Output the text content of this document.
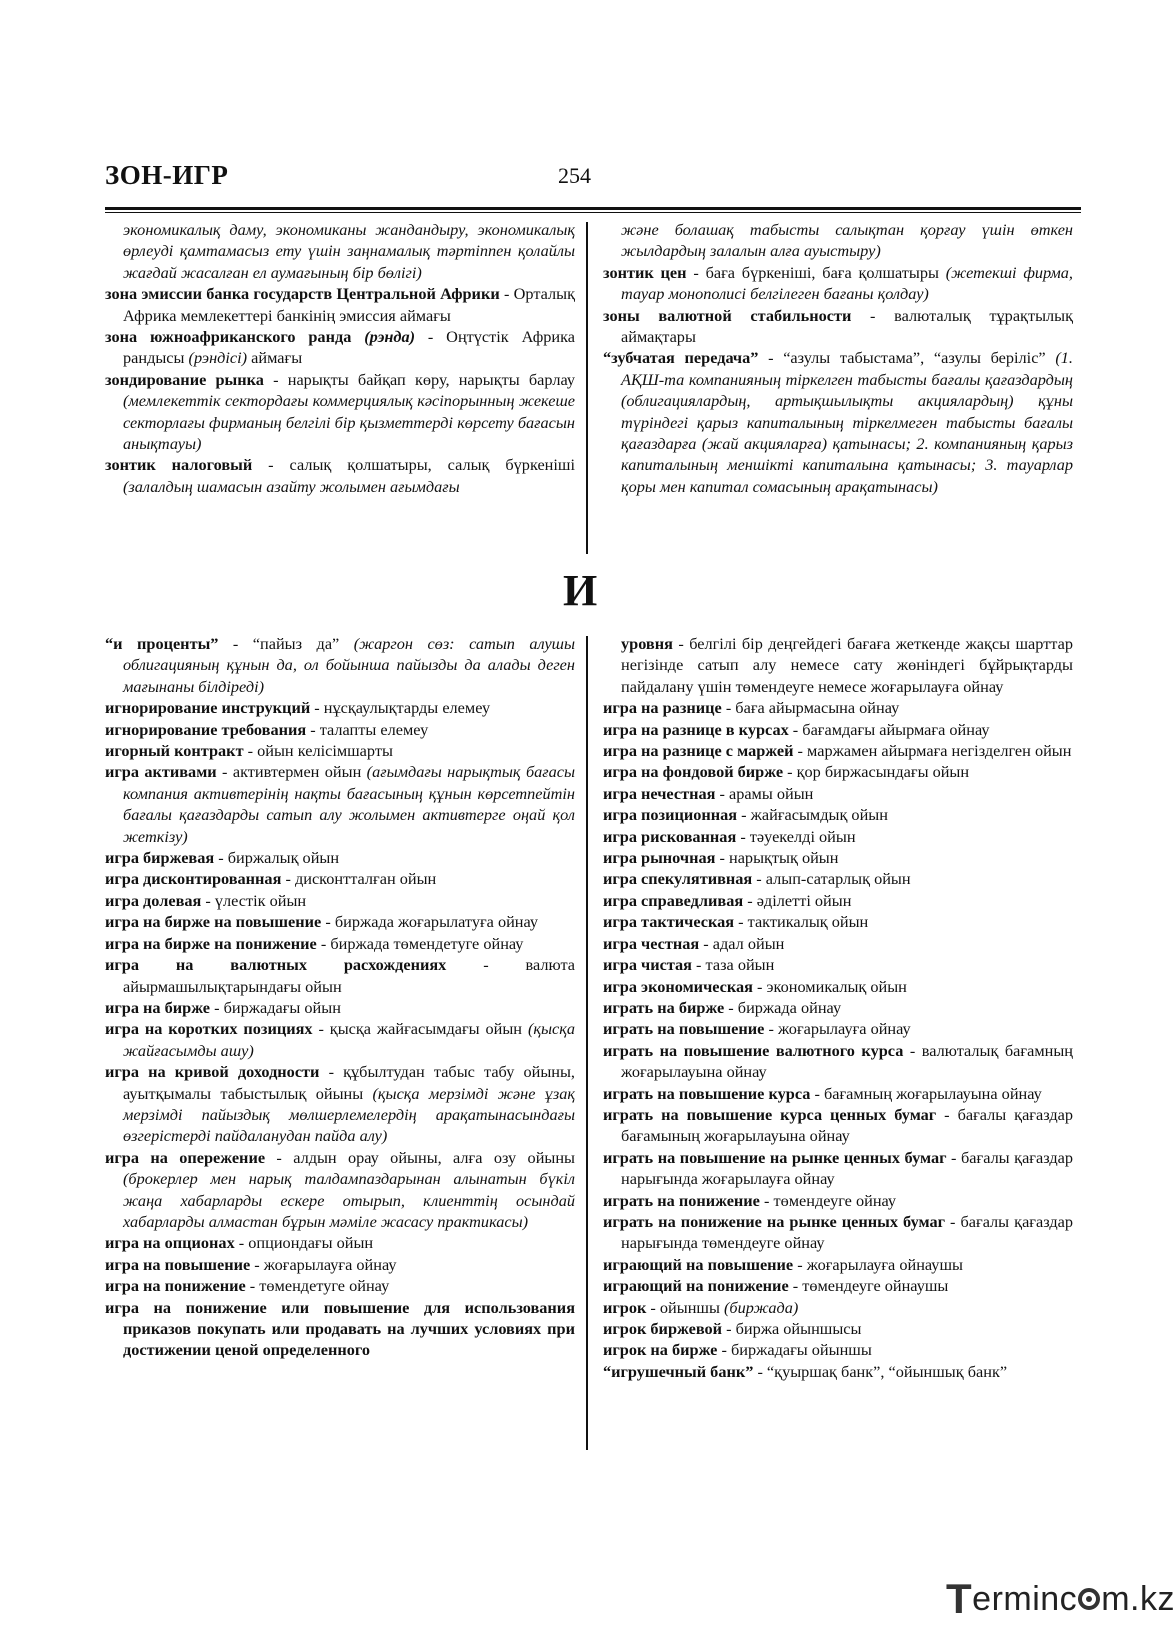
ЗОН-ИГР	254

экономикалық даму, экономиканы жандандыру, экономикалық өрлеуді қамтамасыз ету үшін заңнамалық тәртіппен қолайлы жағдай жасалған ел аумағының бір бөлігі)

зона эмиссии банка государств Центральной Африки - Орталық Африка мемлекеттері банкінің эмиссия аймағы

зона южноафриканского ранда (рэнда) - Оңтүстік Африка рандысы (рэндісі) аймағы

зондирование рынка - нарықты байқап көру, нарықты барлау (мемлекеттік сектордағы коммерциялық кәсіпорынның жекеше секторлағы фирманың белгілі бір қызметтерді көрсету бағасын анықтауы)

зонтик налоговый - салық қолшатыры, салық бүркеніші (залалдың шамасын азайту жолымен ағымдағы

және болашақ табысты салықтан қорғау үшін өткен жылдардың залалын алға ауыстыру)

зонтик цен - баға бүркеніші, баға қолшатыры (жетекші фирма, тауар монополисі белгілеген бағаны қолдау)

зоны валютной стабильности - валюталық тұрақтылық аймақтары

“зубчатая передача” - “азулы табыстама”, “азулы беріліс” (1. АҚШ-та компанияның тіркелген табысты бағалы қағаздардың (облигациялардың, артықшылықты акциялардың) құны түріндегі қарыз капиталының тіркелмеген табысты бағалы қағаздарға (жай акцияларға) қатынасы; 2. компанияның қарыз капиталының меншікті капиталына қатынасы; 3. тауарлар қоры мен капитал сомасының арақатынасы)

И

“и проценты” - “пайыз да” (жаргон сөз: сатып алушы облигацияның құнын да, ол бойынша пайызды да алады деген мағынаны білдіреді)

игнорирование инструкций - нұсқаулықтарды елемеу

игнорирование требования - талапты елемеу

игорный контракт - ойын келісімшарты

игра активами - активтермен ойын (ағымдағы нарықтық бағасы компания активтерінің нақты бағасының құнын көрсетпейтін бағалы қағаздарды сатып алу жолымен активтерге оңай қол жеткізу)

игра биржевая - биржалық ойын

игра дисконтированная - дисконтталған ойын

игра долевая - үлестік ойын

игра на бирже на повышение - биржада жоғарылатуға ойнау

игра на бирже на понижение - биржада төмендетуге ойнау

игра на валютных расхождениях - валюта айырмашылықтарындағы ойын

игра на бирже - биржадағы ойын

игра на коротких позициях - қысқа жайғасымдағы ойын (қысқа жайғасымды ашу)

игра на кривой доходности - құбылтудан табыс табу ойыны, ауытқымалы табыстылық ойыны (қысқа мерзімді және ұзақ мерзімді пайыздық мөлшерлемелердің арақатынасындағы өзгерістерді пайдаланудан пайда алу)

игра на опережение - алдын орау ойыны, алға озу ойыны (брокерлер мен нарық талдампаздарынан алынатын бүкіл жаңа хабарларды ескере отырып, клиенттің осындай хабарларды алмастан бұрын мәміле жасасу практикасы)

игра на опционах - опциондағы ойын

игра на повышение - жоғарылауға ойнау

игра на понижение - төмендетуге ойнау

игра на понижение или повышение для использования приказов покупать или продавать на лучших условиях при достижении ценой определенного

уровня - белгілі бір деңгейдегі бағаға жеткенде жақсы шарттар негізінде сатып алу немесе сату жөніндегі бұйрықтарды пайдалану үшін төмендеуге немесе жоғарылауға ойнау

игра на разнице - баға айырмасына ойнау

игра на разнице в курсах - бағамдағы айырмаға ойнау

игра на разнице с маржей - маржамен айырмаға негізделген ойын

игра на фондовой бирже - қор биржасындағы ойын

игра нечестная - арамы ойын

игра позиционная - жайғасымдық ойын

игра рискованная - тәуекелді ойын

игра рыночная - нарықтық ойын

игра спекулятивная - алып-сатарлық ойын

игра справедливая - әділетті ойын

игра тактическая - тактикалық ойын

игра честная - адал ойын

игра чистая - таза ойын

игра экономическая - экономикалық ойын

играть на бирже - биржада ойнау

играть на повышение - жоғарылауға ойнау

играть на повышение валютного курса - валюталық бағамның жоғарылауына ойнау

играть на повышение курса - бағамның жоғарылауына ойнау

играть на повышение курса ценных бумаг - бағалы қағаздар бағамының жоғарылауына ойнау

играть на повышение на рынке ценных бумаг - бағалы қағаздар нарығында жоғарылауға ойнау

играть на понижение - төмендеуге ойнау

играть на понижение на рынке ценных бумаг - бағалы қағаздар нарығында төмендеуге ойнау

играющий на повышение - жоғарылауға ойнаушы

играющий на понижение - төмендеуге ойнаушы

игрок - ойыншы (биржада)

игрок биржевой - биржа ойыншысы

игрок на бирже - биржадағы ойыншы

“игрушечный банк” - “қуыршақ банк”, “ойыншық банк”

T erminc m.kz
